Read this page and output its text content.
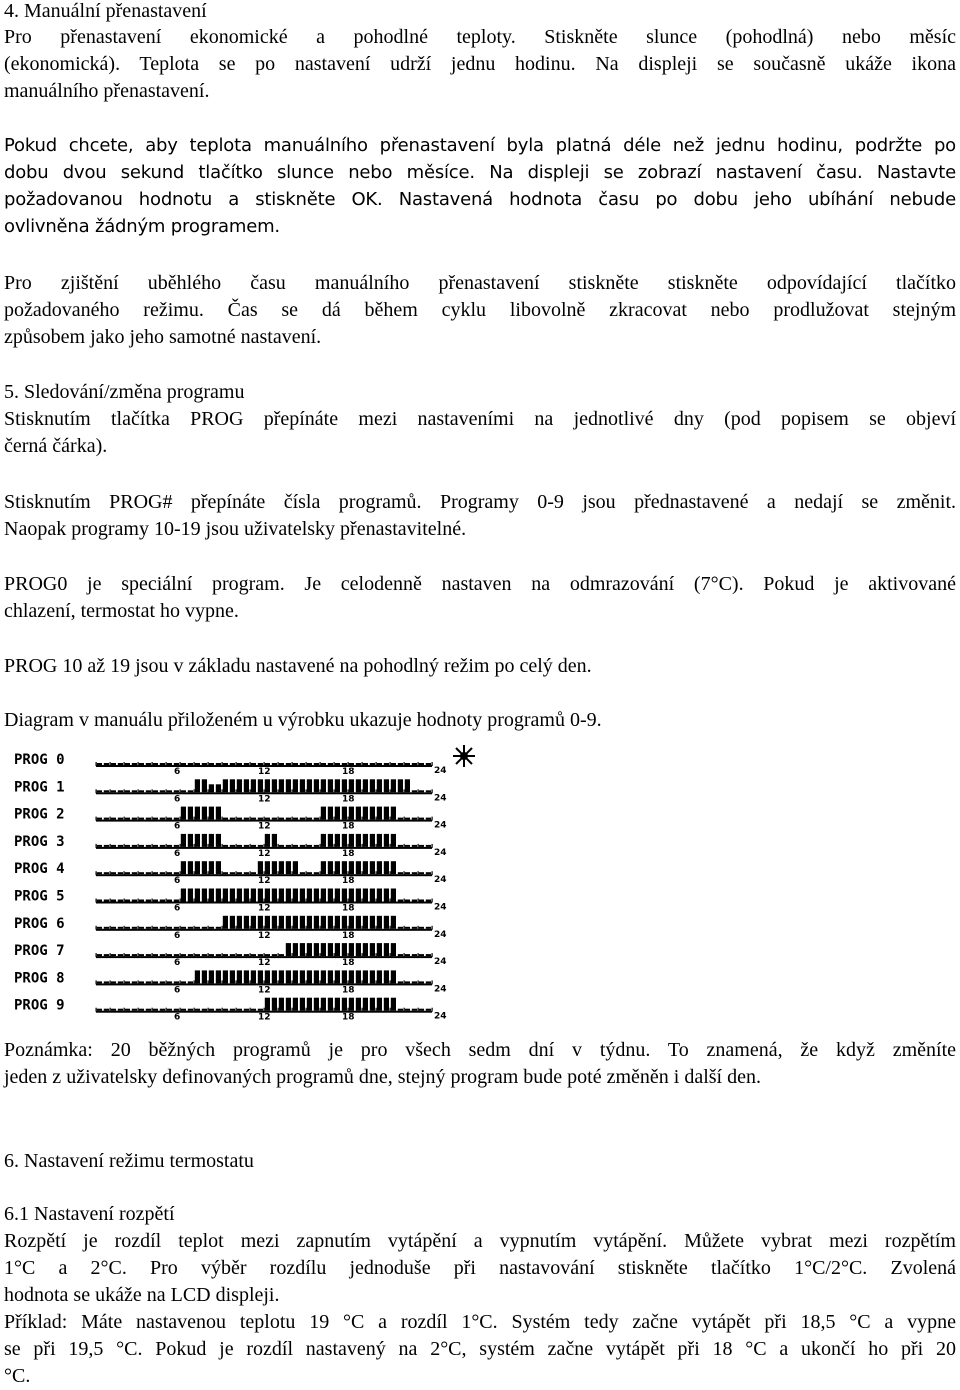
4. Manuální přenastavení
Pro přenastavení ekonomické a pohodlné teploty. Stiskněte slunce (pohodlná) nebo měsíc
(ekonomická). Teplota se po nastavení udrží jednu hodinu. Na displeji se současně ukáže ikona
manuálního přenastavení.
Pokud chcete, aby teplota manuálního přenastavení byla platná déle než jednu hodinu, podržte po
dobu dvou sekund tlačítko slunce nebo měsíce. Na displeji se zobrazí nastavení času. Nastavte
požadovanou hodnotu a stiskněte OK. Nastavená hodnota času po dobu jeho ubíhání nebude
ovlivněna žádným programem.
Pro zjištění uběhlého času manuálního přenastavení stiskněte stiskněte odpovídající tlačítko
požadovaného režimu. Čas se dá během cyklu libovolně zkracovat nebo prodlužovat stejným
způsobem jako jeho samotné nastavení.
5. Sledování/změna programu
Stisknutím tlačítka PROG přepínáte mezi nastaveními na jednotlivé dny (pod popisem se objeví
černá čárka).
Stisknutím PROG# přepínáte čísla programů. Programy 0-9 jsou přednastavené a nedají se změnit.
Naopak programy 10-19 jsou uživatelsky přenastavitelné.
PROG0 je speciální program. Je celodenně nastaven na odmrazování (7°C). Pokud je aktivované
chlazení, termostat ho vypne.
PROG 10 až 19 jsou v základu nastavené na pohodlný režim po celý den.
Diagram v manuálu přiloženém u výrobku ukazuje hodnoty programů 0-9.
Poznámka: 20 běžných programů je pro všech sedm dní v týdnu. To znamená, že když změníte
jeden z uživatelsky definovaných programů dne, stejný program bude poté změněn i další den.
6. Nastavení režimu termostatu
6.1 Nastavení rozpětí
Rozpětí je rozdíl teplot mezi zapnutím vytápění a vypnutím vytápění. Můžete vybrat mezi rozpětím
1°C a 2°C. Pro výběr rozdílu jednoduše při nastavování stiskněte tlačítko 1°C/2°C. Zvolená
hodnota se ukáže na LCD displeji.
Příklad: Máte nastavenou teplotu 19 °C a rozdíl 1°C. Systém tedy začne vytápět při 18,5 °C a vypne
se při 19,5 °C. Pokud je rozdíl nastavený na 2°C, systém začne vytápět při 18 °C a ukončí ho při 20
°C.
PROG 0
24
6	12	18
PROG 1
24
6	12	18
PROG 2
24
6	12	18
PROG 3
24
6	12	18
PROG 4
24
6	12	18
PROG 5
24
6	12	18
PROG 6
24
6	12	18
PROG 7
24
6	12	18
PROG 8
24
6	12	18
PROG 9
24
6	12	18
